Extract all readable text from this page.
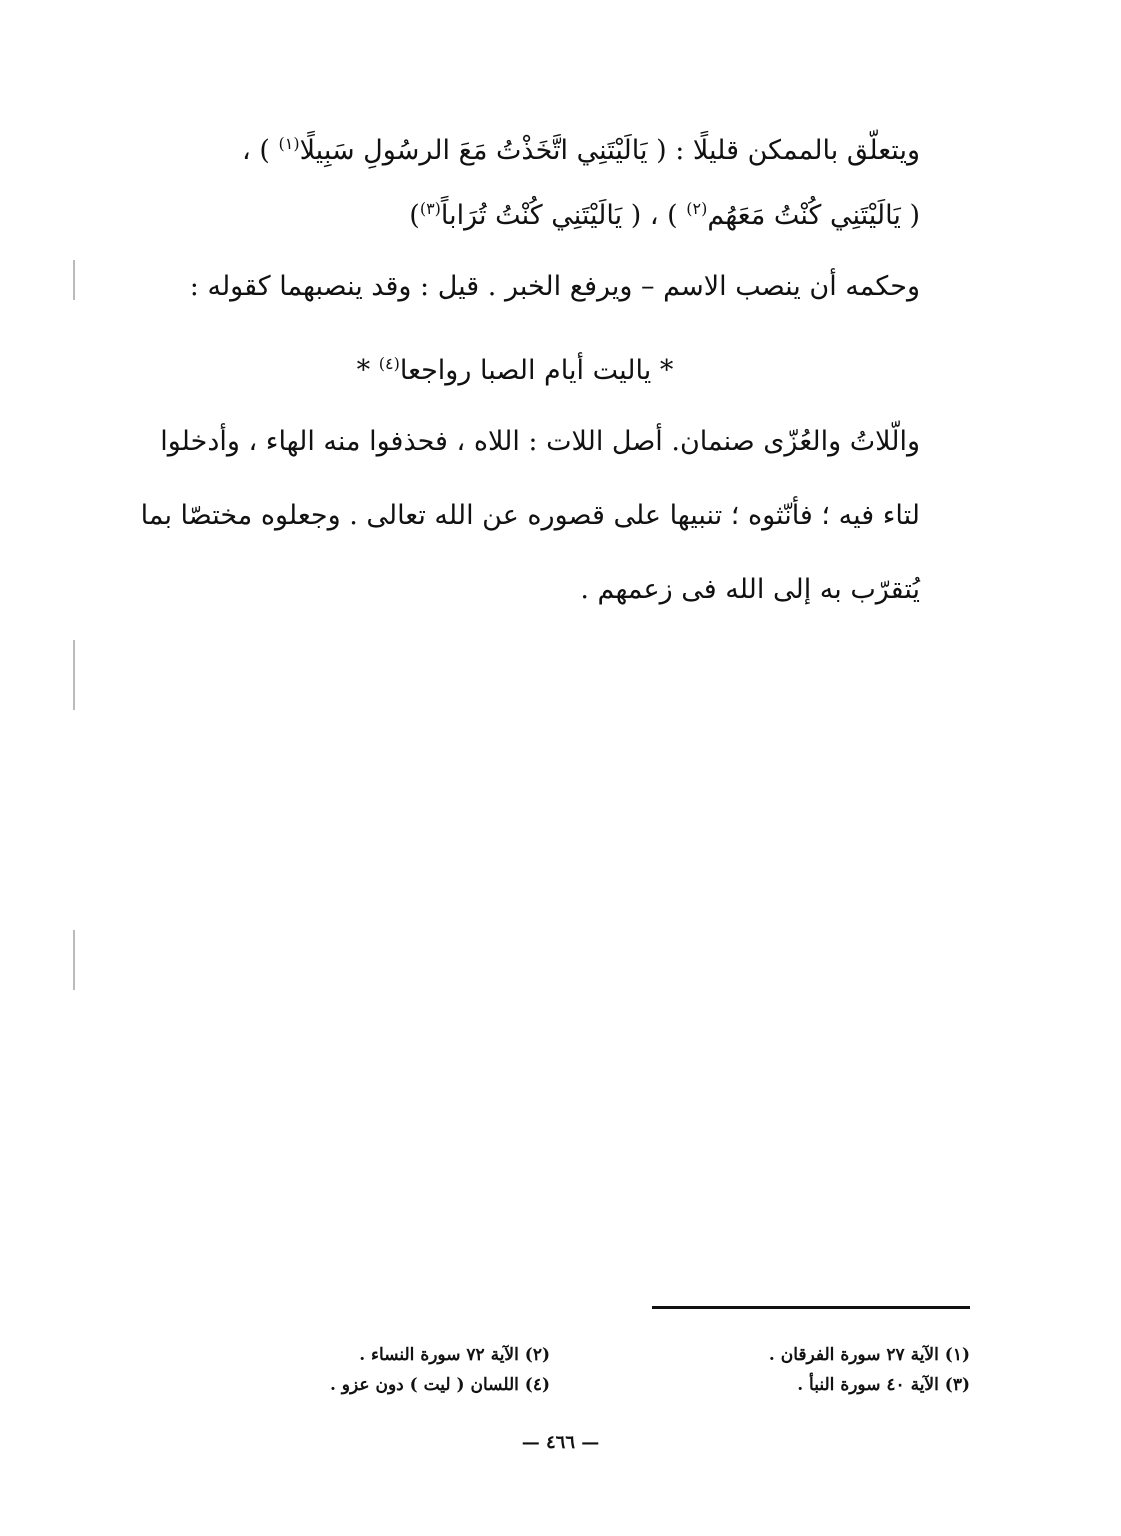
ويتعلّق بالممكن قليلًا : ( يَالَيْتَنِي اتَّخَذْتُ مَعَ الرسُولِ سَبِيلًا$^{(١)}$ ) ،
( يَالَيْتَنِي كُنْتُ مَعَهُم$^{(٢)}$ ) ، ( يَالَيْتَنِي كُنْتُ تُرَاباً$^{(٣)}$)
وحكمه أن ينصب الاسم – ويرفع الخبر . قيل : وقد ينصبهما كقوله :
* ياليت أيام الصبا رواجعا$^{(٤)}$ *
والّلاتُ والعُزّى صنمان. أصل اللات : اللاه ، فحذفوا منه الهاء ، وأدخلوا
لتاء فيه ؛ فأنّثوه ؛ تنبيها على قصوره عن الله تعالى . وجعلوه مختصّا بما
يُتقرّب به إلى الله فى زعمهم .
(١) الآية ٢٧ سورة الفرقان .
(٢) الآية ٧٢ سورة النساء .
(٣) الآية ٤٠ سورة النبأ .
(٤) اللسان ( ليت ) دون عزو .
— ٤٦٦ —
